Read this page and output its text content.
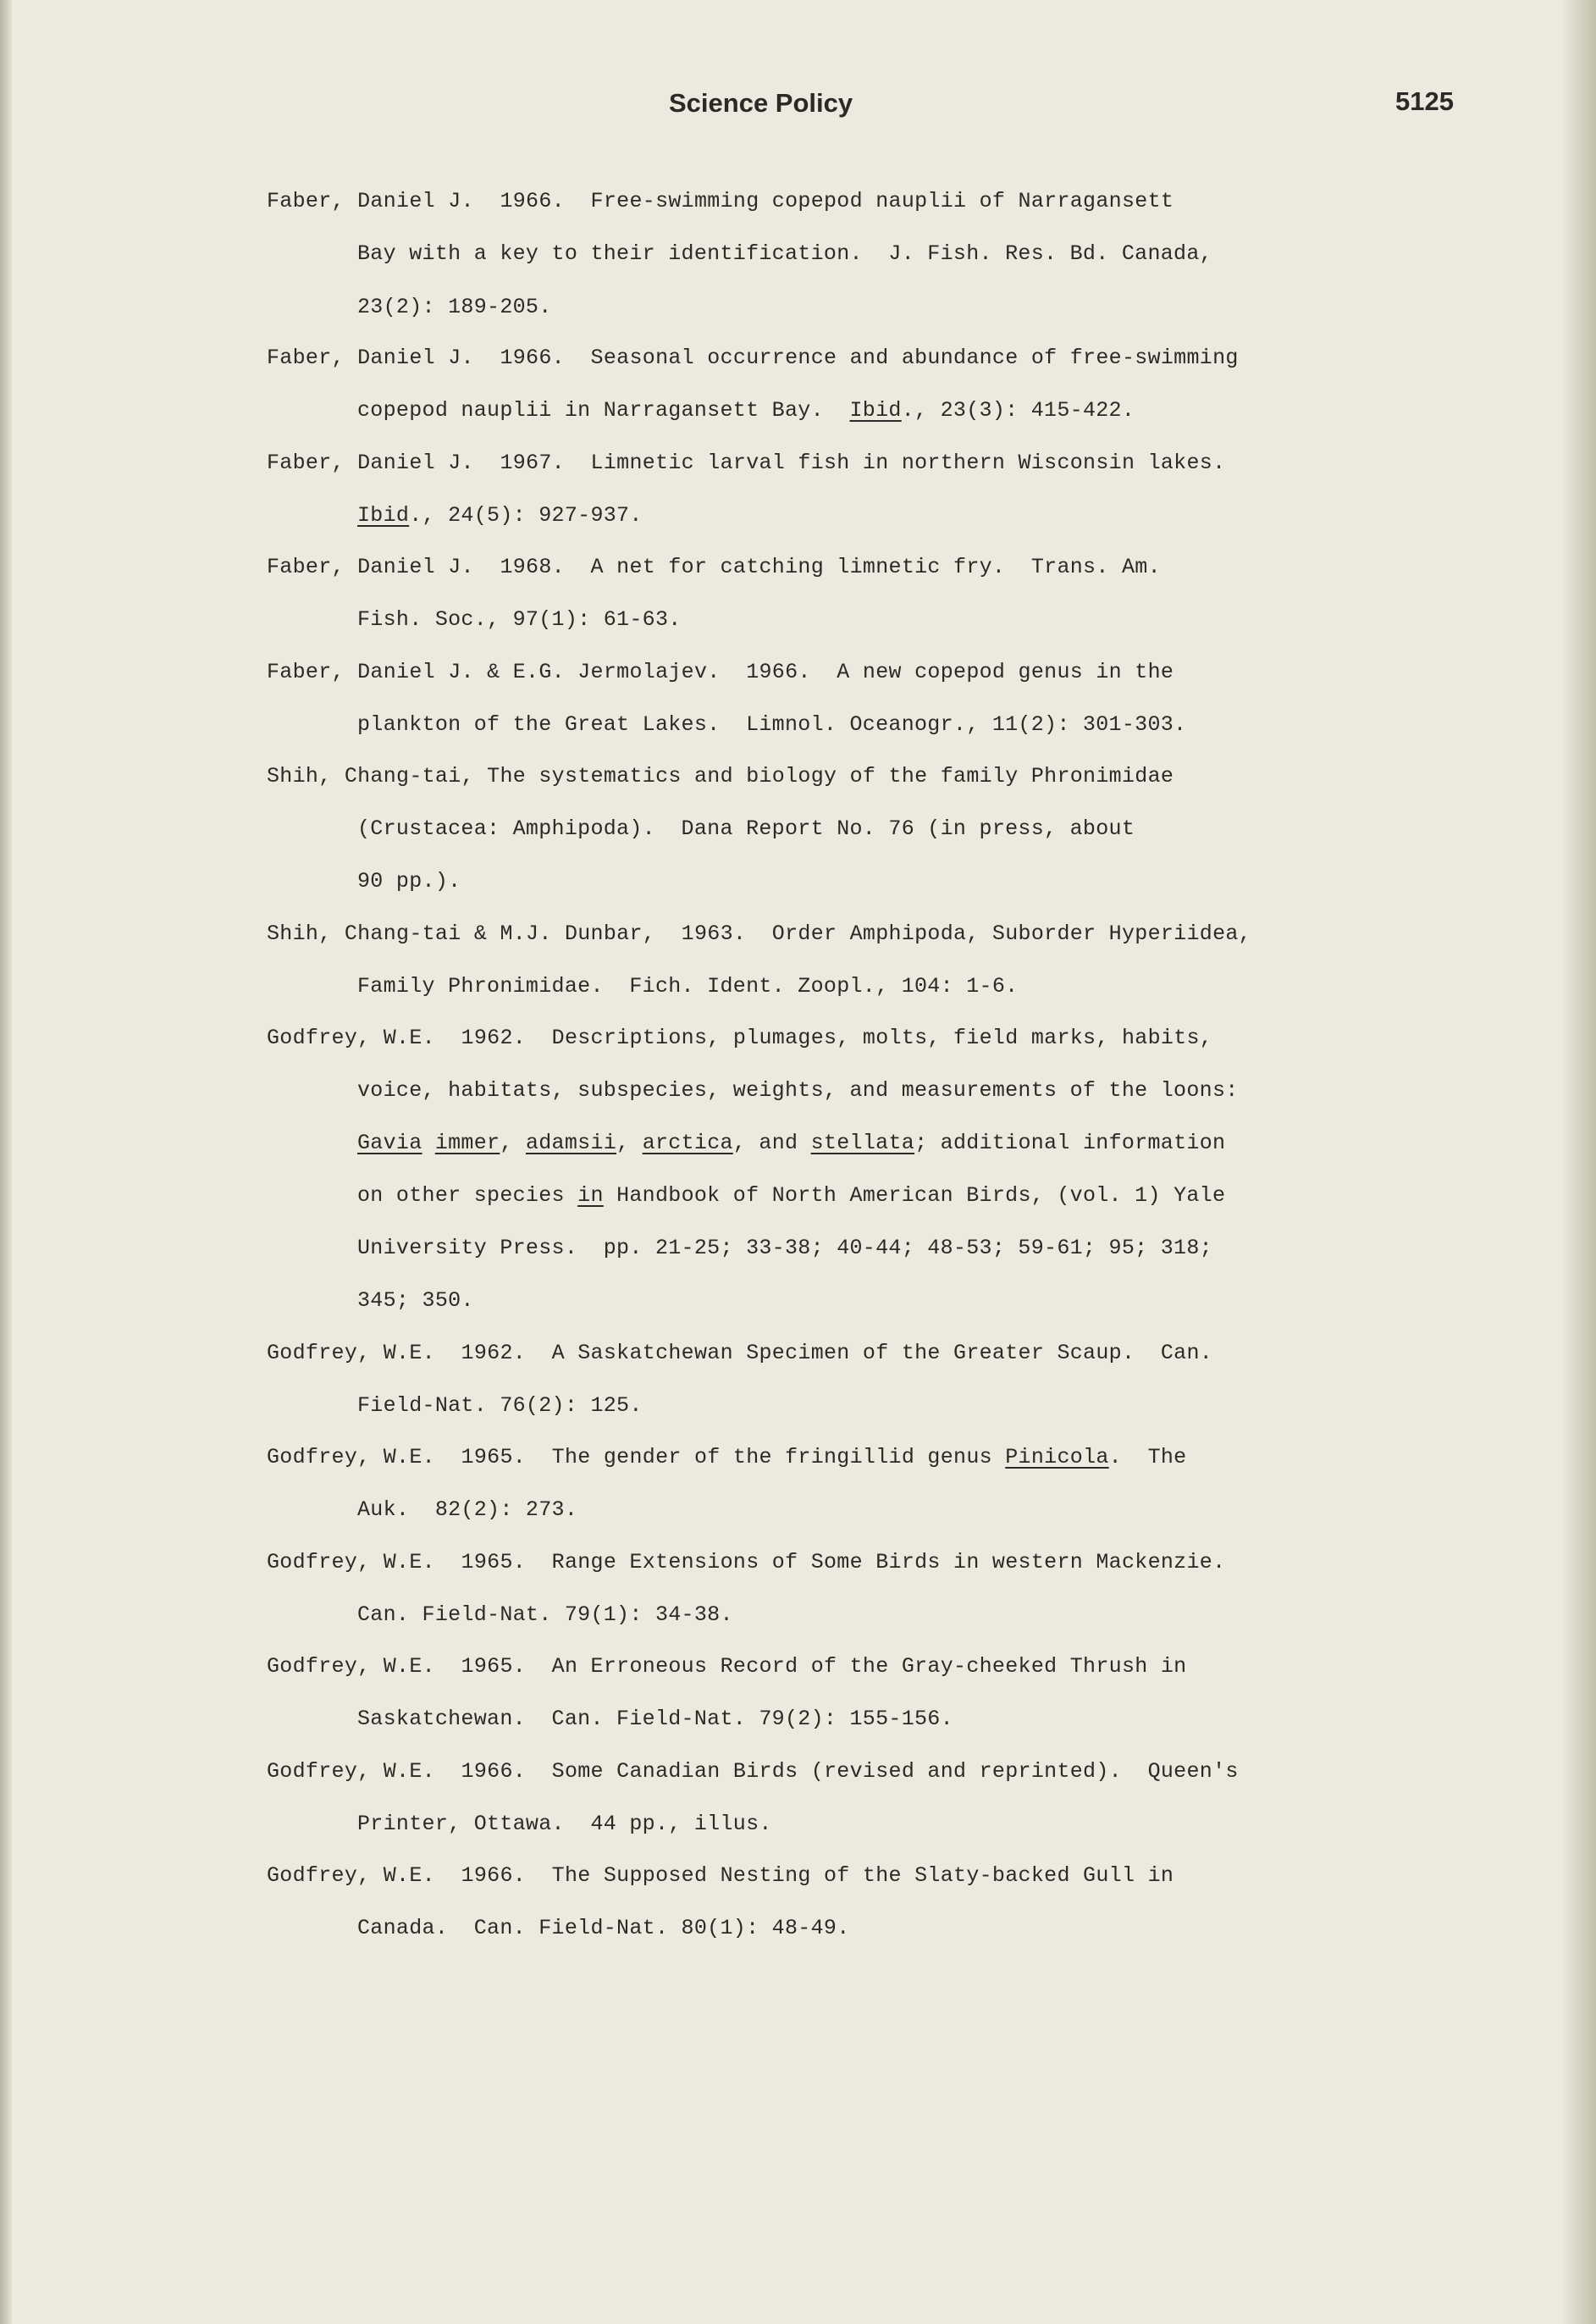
Science Policy	5125
Faber, Daniel J.  1966.  Free-swimming copepod nauplii of Narragansett
Bay with a key to their identification.  J. Fish. Res. Bd. Canada,
23(2): 189-205.
Faber, Daniel J.  1966.  Seasonal occurrence and abundance of free-swimming
copepod nauplii in Narragansett Bay.  Ibid., 23(3): 415-422.
Faber, Daniel J.  1967.  Limnetic larval fish in northern Wisconsin lakes.
Ibid., 24(5): 927-937.
Faber, Daniel J.  1968.  A net for catching limnetic fry.  Trans. Am.
Fish. Soc., 97(1): 61-63.
Faber, Daniel J. & E.G. Jermolajev.  1966.  A new copepod genus in the
plankton of the Great Lakes.  Limnol. Oceanogr., 11(2): 301-303.
Shih, Chang-tai, The systematics and biology of the family Phronimidae
(Crustacea: Amphipoda).  Dana Report No. 76 (in press, about
90 pp.).
Shih, Chang-tai & M.J. Dunbar,  1963.  Order Amphipoda, Suborder Hyperiidea,
Family Phronimidae.  Fich. Ident. Zoopl., 104: 1-6.
Godfrey, W.E.  1962.  Descriptions, plumages, molts, field marks, habits,
voice, habitats, subspecies, weights, and measurements of the loons:
Gavia immer, adamsii, arctica, and stellata; additional information
on other species in Handbook of North American Birds, (vol. 1) Yale
University Press.  pp. 21-25; 33-38; 40-44; 48-53; 59-61; 95; 318;
345; 350.
Godfrey, W.E.  1962.  A Saskatchewan Specimen of the Greater Scaup.  Can.
Field-Nat. 76(2): 125.
Godfrey, W.E.  1965.  The gender of the fringillid genus Pinicola.  The
Auk.  82(2): 273.
Godfrey, W.E.  1965.  Range Extensions of Some Birds in western Mackenzie.
Can. Field-Nat. 79(1): 34-38.
Godfrey, W.E.  1965.  An Erroneous Record of the Gray-cheeked Thrush in
Saskatchewan.  Can. Field-Nat. 79(2): 155-156.
Godfrey, W.E.  1966.  Some Canadian Birds (revised and reprinted).  Queen's
Printer, Ottawa.  44 pp., illus.
Godfrey, W.E.  1966.  The Supposed Nesting of the Slaty-backed Gull in
Canada.  Can. Field-Nat. 80(1): 48-49.
